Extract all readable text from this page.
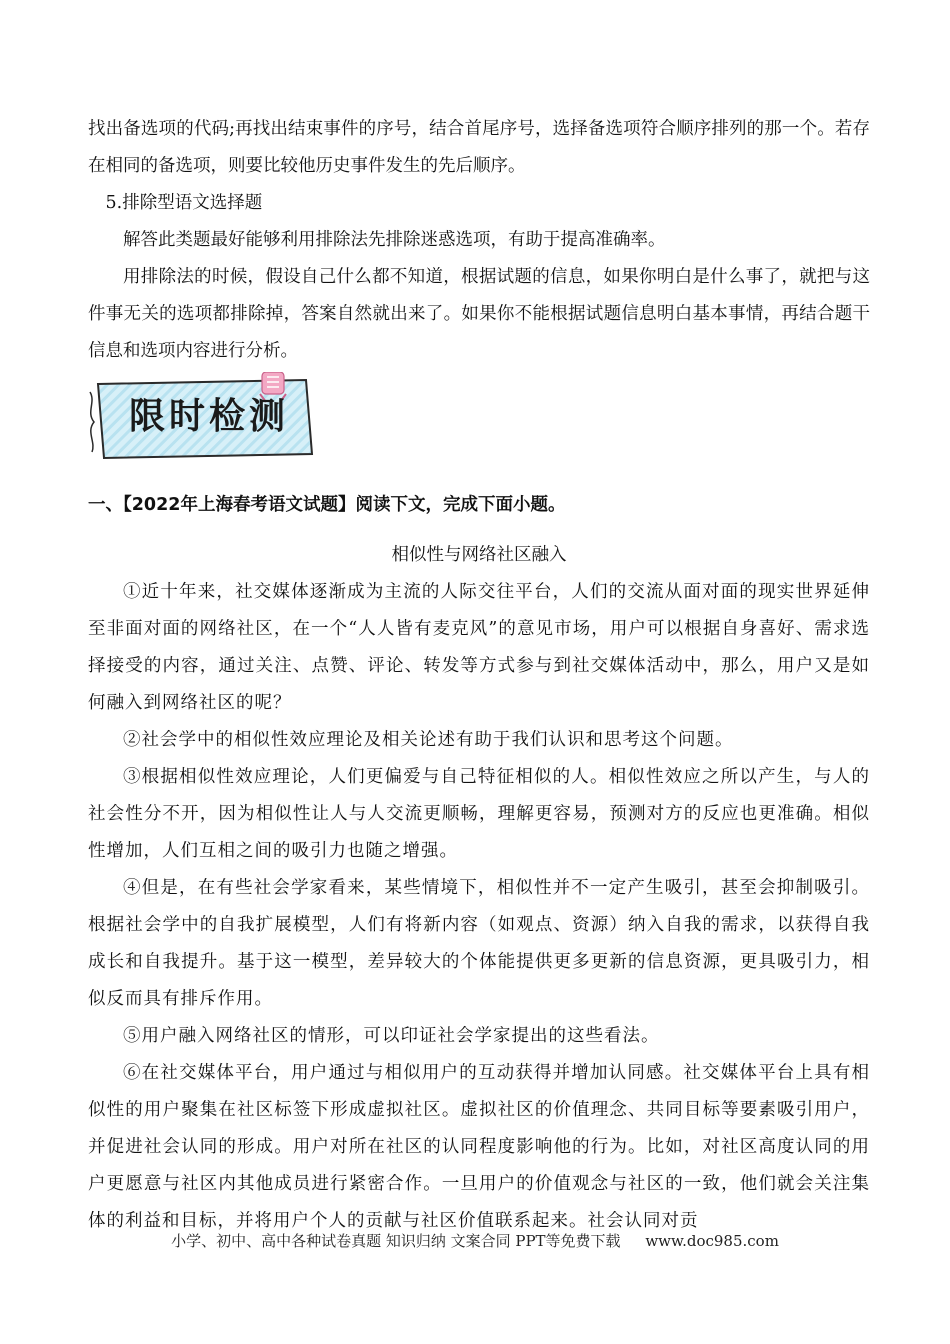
找出备选项的代码;再找出结束事件的序号，结合首尾序号，选择备选项符合顺序排列的那一个。若存在相同的备选项，则要比较他历史事件发生的先后顺序。

5.排除型语文选择题

解答此类题最好能够利用排除法先排除迷惑选项，有助于提高准确率。

用排除法的时候，假设自己什么都不知道，根据试题的信息，如果你明白是什么事了，就把与这件事无关的选项都排除掉，答案自然就出来了。如果你不能根据试题信息明白基本事情，再结合题干信息和选项内容进行分析。

限时检测
一、【2022年上海春考语文试题】阅读下文，完成下面小题。
相似性与网络社区融入

①近十年来，社交媒体逐渐成为主流的人际交往平台，人们的交流从面对面的现实世界延伸至非面对面的网络社区，在一个“人人皆有麦克风”的意见市场，用户可以根据自身喜好、需求选择接受的内容，通过关注、点赞、评论、转发等方式参与到社交媒体活动中，那么，用户又是如何融入到网络社区的呢？

②社会学中的相似性效应理论及相关论述有助于我们认识和思考这个问题。

③根据相似性效应理论，人们更偏爱与自己特征相似的人。相似性效应之所以产生，与人的社会性分不开，因为相似性让人与人交流更顺畅，理解更容易，预测对方的反应也更准确。相似性增加，人们互相之间的吸引力也随之增强。

④但是，在有些社会学家看来，某些情境下，相似性并不一定产生吸引，甚至会抑制吸引。根据社会学中的自我扩展模型，人们有将新内容（如观点、资源）纳入自我的需求，以获得自我成长和自我提升。基于这一模型，差异较大的个体能提供更多更新的信息资源，更具吸引力，相似反而具有排斥作用。

⑤用户融入网络社区的情形，可以印证社会学家提出的这些看法。

⑥在社交媒体平台，用户通过与相似用户的互动获得并增加认同感。社交媒体平台上具有相似性的用户聚集在社区标签下形成虚拟社区。虚拟社区的价值理念、共同目标等要素吸引用户，并促进社会认同的形成。用户对所在社区的认同程度影响他的行为。比如，对社区高度认同的用户更愿意与社区内其他成员进行紧密合作。一旦用户的价值观念与社区的一致，他们就会关注集体的利益和目标，并将用户个人的贡献与社区价值联系起来。社会认同对贡

小学、初中、高中各种试卷真题 知识归纳 文案合同 PPT等免费下载 www.doc985.com
